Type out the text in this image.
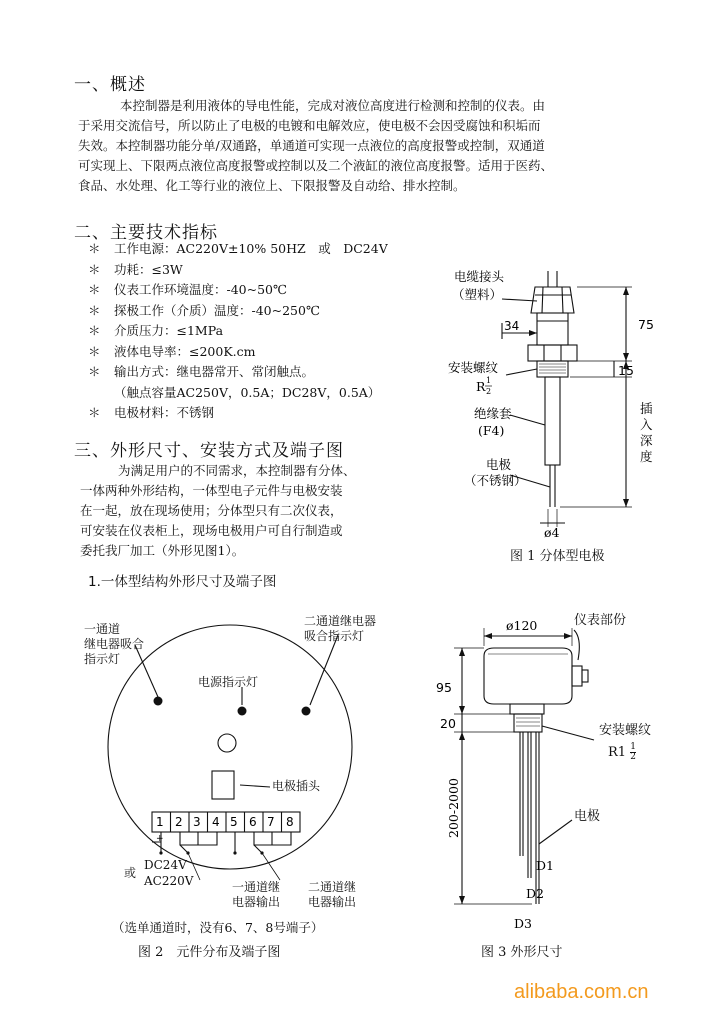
一、概述
本控制器是利用液体的导电性能，完成对液位高度进行检测和控制的仪表。由
于采用交流信号，所以防止了电极的电镀和电解效应，使电极不会因受腐蚀和积垢而
失效。本控制器功能分单/双通路，单通道可实现一点液位的高度报警或控制，双通道
可实现上、下限两点液位高度报警或控制以及二个液缸的液位高度报警。适用于医药、
食品、水处理、化工等行业的液位上、下限报警及自动给、排水控制。
二、主要技术指标
＊ 工作电源：AC220V±10% 50HZ　或　DC24V
＊ 功耗：≤3W
＊ 仪表工作环境温度：-40~50℃
＊ 探极工作（介质）温度：-40~250℃
＊ 介质压力：≤1MPa
＊ 液体电导率：≤200K.cm
＊ 输出方式：继电器常开、常闭触点。
（触点容量AC250V，0.5A；DC28V，0.5A）
＊ 电极材料：不锈钢
三、外形尺寸、安装方式及端子图
为满足用户的不同需求，本控制器有分体、
一体两种外形结构，一体型电子元件与电极安装
在一起，放在现场使用；分体型只有二次仪表，
可安装在仪表柜上，现场电极用户可自行制造或
委托我厂加工（外形见图1）。
1.一体型结构外形尺寸及端子图
电缆接头
（塑料）
34	75
15
安装螺纹
R 1
2
绝缘套
(F4)
电极
（不锈钢）
ø4
插
入
深
度
图 1 分体型电极
1 2 3 4 5 6 7 8
+
一通道
继电器吸合
指示灯
二通道继电器
吸合指示灯
电源指示灯
电极插头
或
DC24V
AC220V	一通道继
电器输出
二通道继
电器输出
（选单通道时，没有6、7、8号端子）
图 2　元件分布及端子图
ø120
95
20
200-2000
D1
D2
D3
仪表部份
安装螺纹
$R1 \frac{1}{2}$
电极
图 3 外形尺寸
alibaba.com.cn
